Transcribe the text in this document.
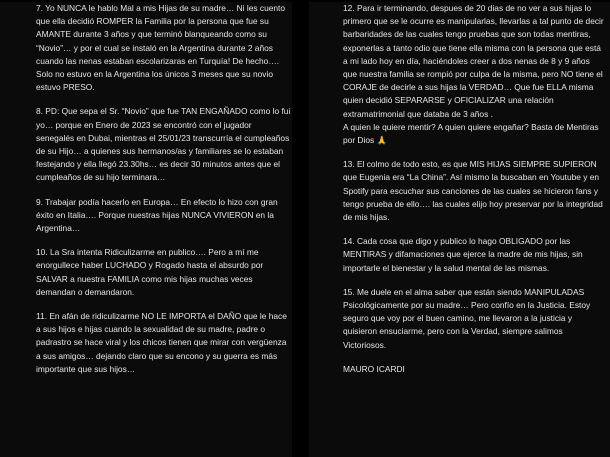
7. Yo NUNCA le hablo Mal a mis Hijas de su madre… Ni les cuento que ella decidió ROMPER la Familia por la persona que fue su AMANTE durante 3 años y que terminó blanqueando como su “Novio”… y por el cual se instaló en la Argentina durante 2 años cuando las nenas estaban escolarizaras en Turquía! De hecho…. Solo no estuvo en la Argentina los únicos 3 meses que su novio estuvo PRESO.

8. PD: Que sepa el Sr. “Novio” que fue TAN ENGAÑADO como lo fui yo… porque en Enero de 2023 se encontró con el jugador senegalés en Dubai, mientras el 25/01/23 transcurría el cumpleaños de su Hijo… a quienes sus hermanos/as y familiares se lo estaban festejando y ella llegó 23.30hs… es decir 30 minutos antes que el cumpleaños de su hijo terminara…

9. Trabajar podía hacerlo en Europa… En efecto lo hizo con gran éxito en Italia…. Porque nuestras hijas NUNCA VIVIERON en la Argentina…

10. La Sra intenta Ridiculizarme en publico…. Pero a mí me enorgullece haber LUCHADO y Rogado hasta el absurdo por SALVAR a nuestra FAMILIA como mis hijas muchas veces demandan o demandaron.

11. En afán de ridiculizarme NO LE IMPORTA el DAÑO que le hace a sus hijos e hijas cuando la sexualidad de su madre, padre o padrastro se hace viral y los chicos tienen que mirar con vergüenza a sus amigos… dejando claro que su encono y su guerra es más importante que sus hijos…

12. Para ir terminando, despues de 20 dias de no ver a sus hijas lo primero que se le ocurre es manipularlas, llevarlas a tal punto de decir barbaridades de las cuales tengo pruebas que son todas mentiras, exponerlas a tanto odio que tiene ella misma con la persona que está a mi lado hoy en día, haciéndoles creer a dos nenas de 8 y 9 años que nuestra familia se rompió por culpa de la misma, pero NO tiene el CORAJE de decirle a sus hijas la VERDAD… Que fue ELLA misma quien decidió SEPARARSE y OFICIALIZAR una relación extramatrimonial que databa de 3 años .

A quien le quiere mentir? A quien quiere engañar? Basta de Mentiras por Dios 🙏

13. El colmo de todo esto, es que MIS HIJAS SIEMPRE SUPIERON que Eugenia era “La China”. Así mismo la buscaban en Youtube y en Spotify para escuchar sus canciones de las cuales se hicieron fans y tengo prueba de ello…. las cuales elijo hoy preservar por la integridad de mis hijas.

14. Cada cosa que digo y publico lo hago OBLIGADO por las MENTIRAS y difamaciones que ejerce la madre de mis hijas, sin importarle el bienestar y la salud mental de las mismas.

15. Me duele en el alma saber que están siendo MANIPULADAS Psicológicamente por su madre… Pero confío en la Justicia. Estoy seguro que voy por el buen camino, me llevaron a la justicia y quisieron ensuciarme, pero con la Verdad, siempre salimos Victoriosos.

MAURO ICARDI
